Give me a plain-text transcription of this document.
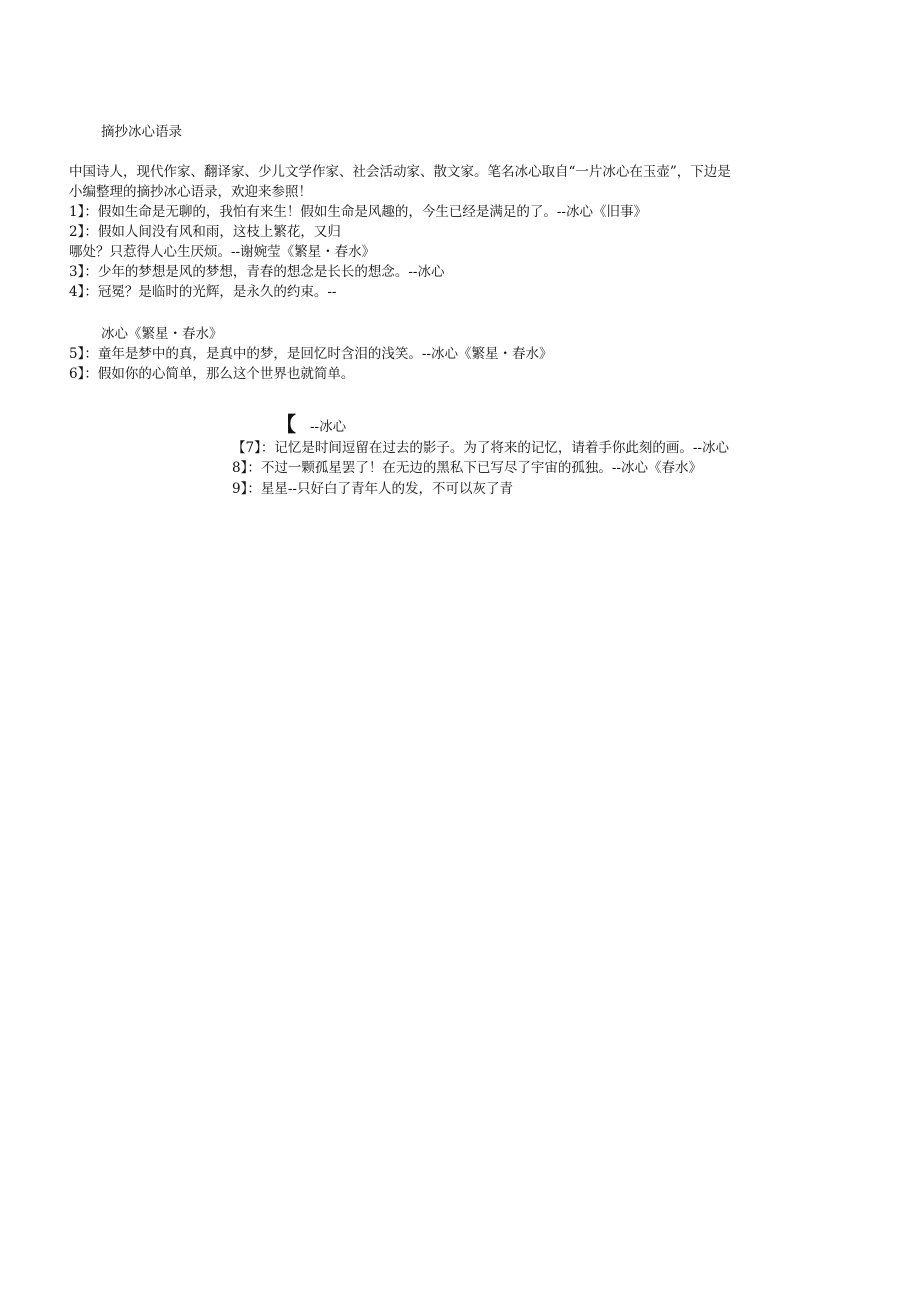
摘抄冰心语录
中国诗人，现代作家、翻译家、少儿文学作家、社会活动家、散文家。笔名冰心取自“一片冰心在玉壶”，下边是
小编整理的摘抄冰心语录，欢迎来参照！
1】：假如生命是无聊的，我怕有来生！假如生命是风趣的，今生已经是满足的了。--冰心《旧事》
2】：假如人间没有风和雨，这枝上繁花，又归
哪处？只惹得人心生厌烦。--谢婉莹《繁星・春水》
3】：少年的梦想是风的梦想，青春的想念是长长的想念。--冰心
4】：冠冕？是临时的光辉，是永久的约束。--
冰心《繁星・春水》
5】：童年是梦中的真，是真中的梦，是回忆时含泪的浅笑。--冰心《繁星・春水》
6】：假如你的心简单，那么这个世界也就简单。
【 --冰心
【7】：记忆是时间逗留在过去的影子。为了将来的记忆，请着手你此刻的画。--冰心
8】：不过一颗孤星罢了！在无边的黑私下已写尽了宇宙的孤独。--冰心《春水》
9】：星星--只好白了青年人的发，不可以灰了青
